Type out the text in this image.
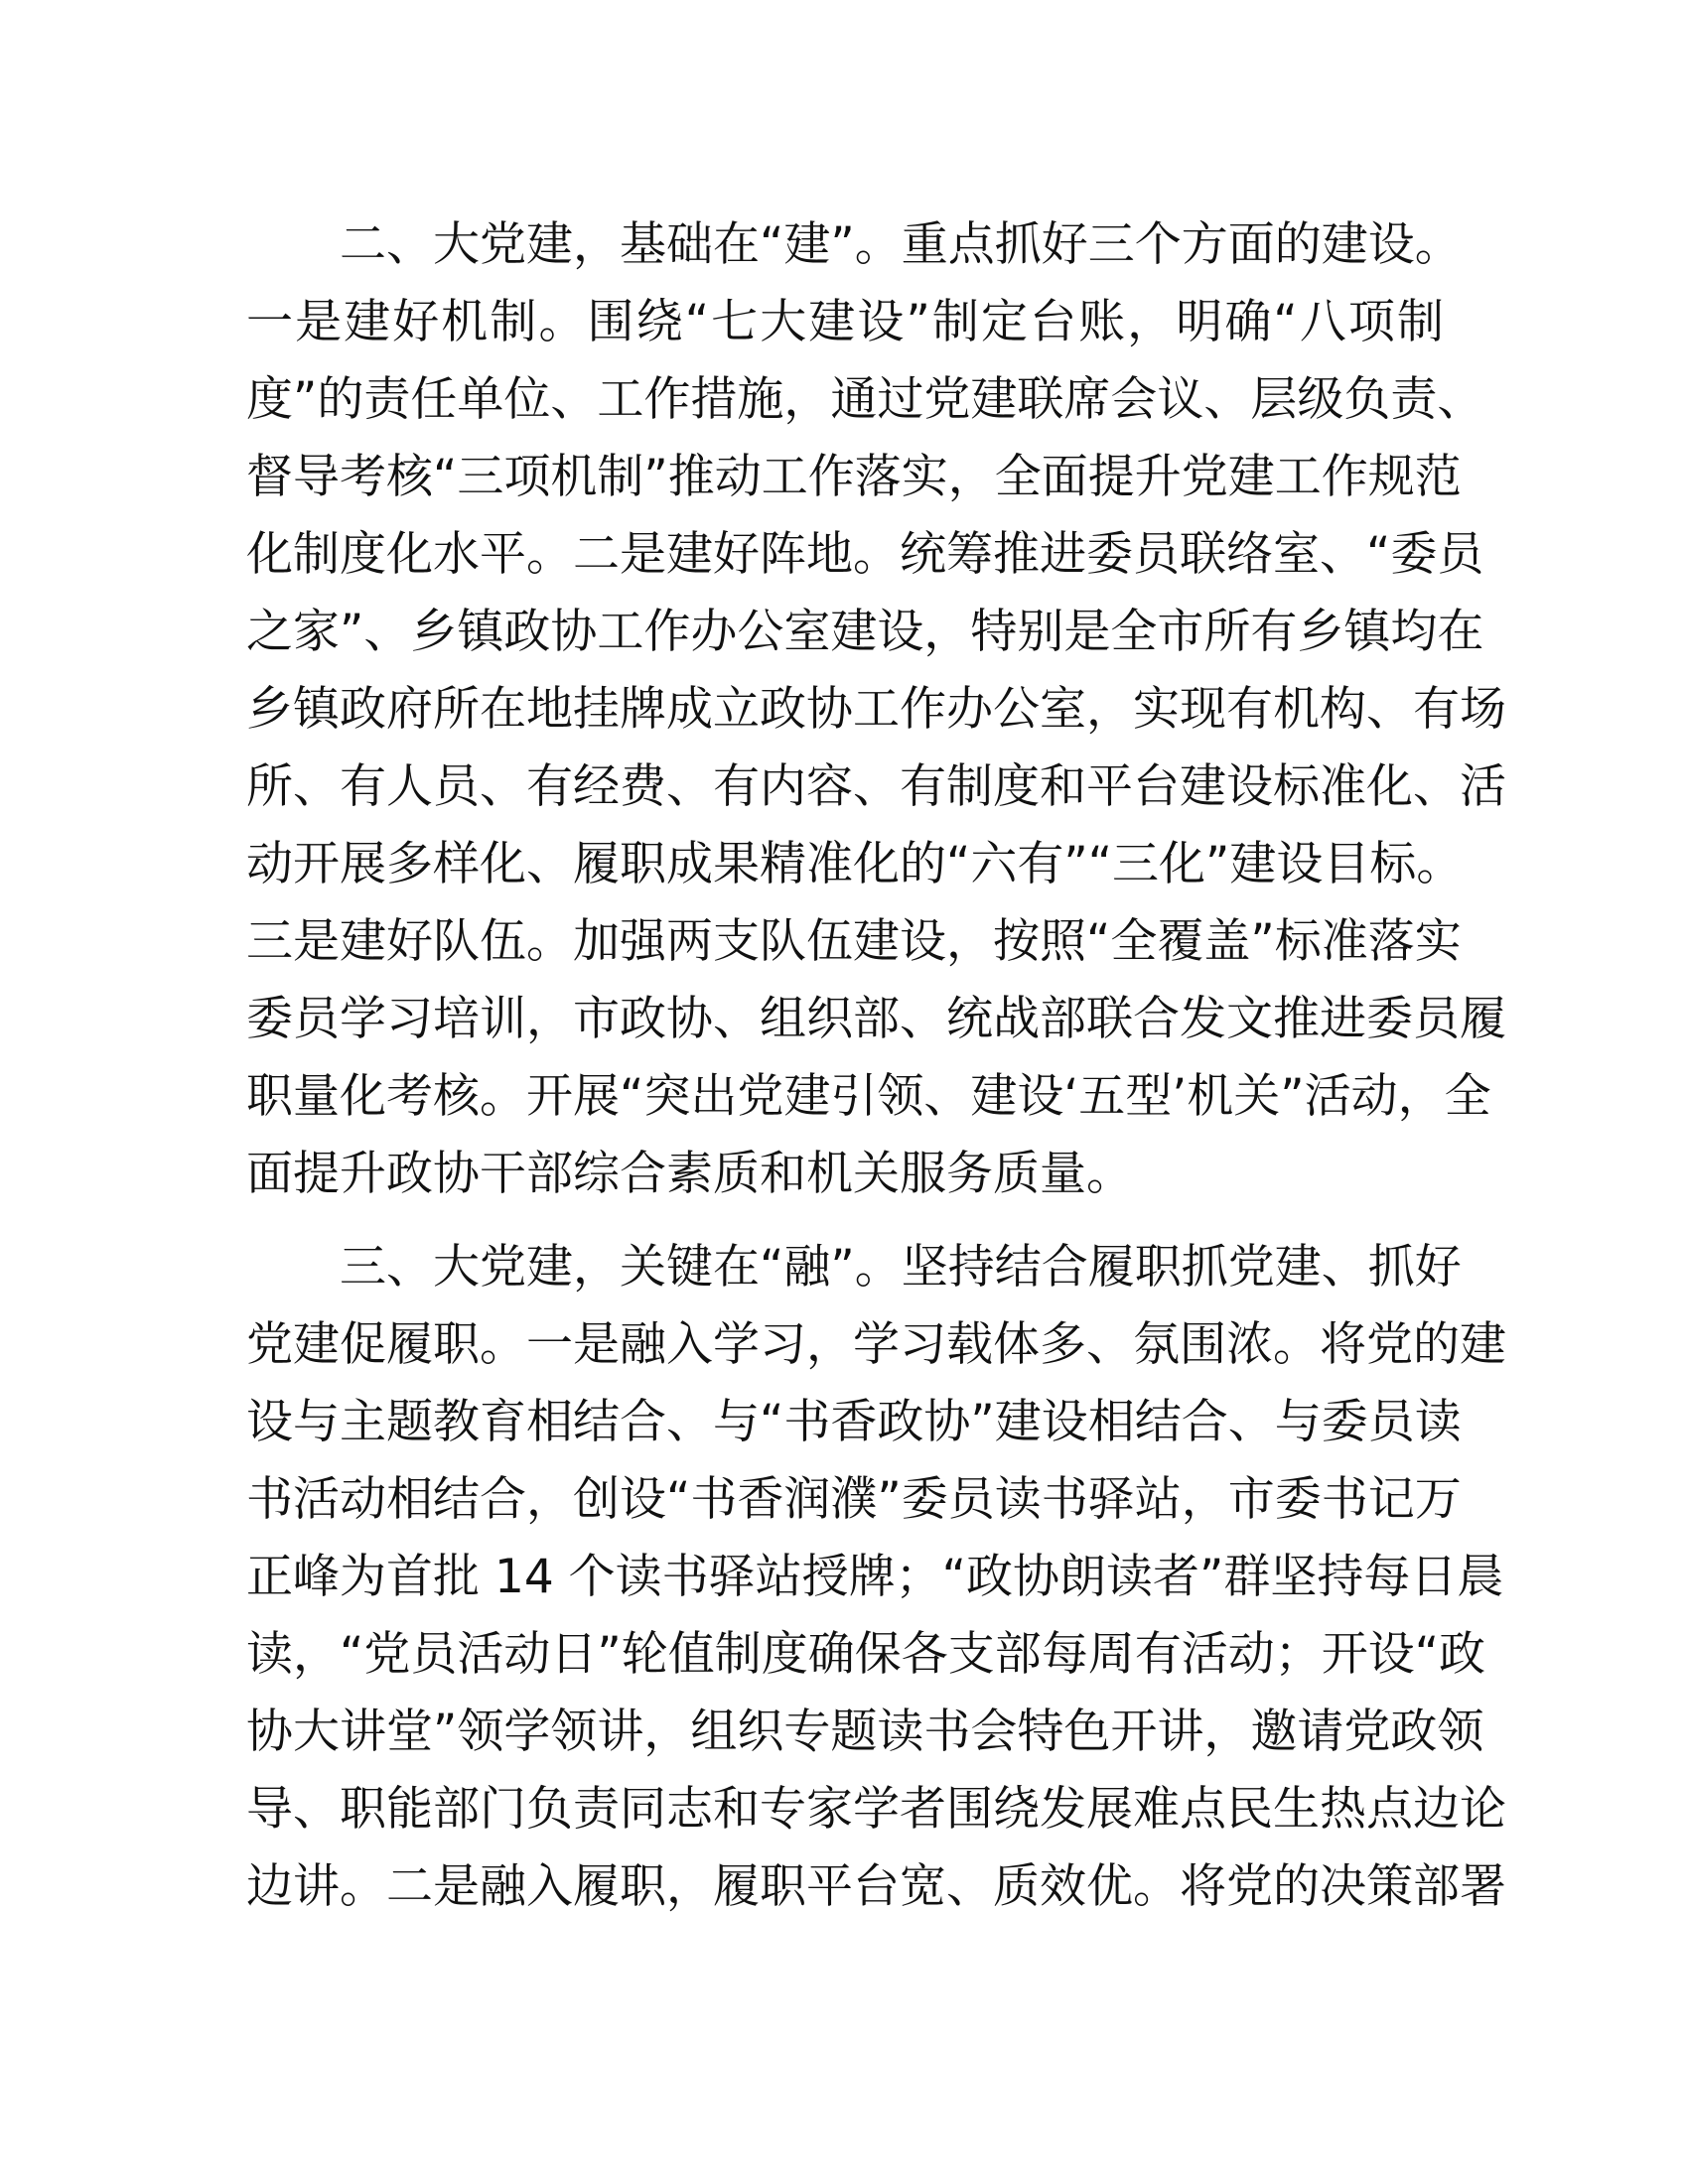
二、大党建，基础在“建”。重点抓好三个方面的建设。
一是建好机制。围绕“七大建设”制定台账，明确“八项制
度”的责任单位、工作措施，通过党建联席会议、层级负责、
督导考核“三项机制”推动工作落实，全面提升党建工作规范
化制度化水平。二是建好阵地。统筹推进委员联络室、“委员
之家”、乡镇政协工作办公室建设，特别是全市所有乡镇均在
乡镇政府所在地挂牌成立政协工作办公室，实现有机构、有场
所、有人员、有经费、有内容、有制度和平台建设标准化、活
动开展多样化、履职成果精准化的“六有”“三化”建设目标。
三是建好队伍。加强两支队伍建设，按照“全覆盖”标准落实
委员学习培训，市政协、组织部、统战部联合发文推进委员履
职量化考核。开展“突出党建引领、建设‘五型’机关”活动，全
面提升政协干部综合素质和机关服务质量。

三、大党建，关键在“融”。坚持结合履职抓党建、抓好
党建促履职。一是融入学习，学习载体多、氛围浓。将党的建
设与主题教育相结合、与“书香政协”建设相结合、与委员读
书活动相结合，创设“书香润濮”委员读书驿站，市委书记万
正峰为首批 14 个读书驿站授牌；“政协朗读者”群坚持每日晨
读，“党员活动日”轮值制度确保各支部每周有活动；开设“政
协大讲堂”领学领讲，组织专题读书会特色开讲，邀请党政领
导、职能部门负责同志和专家学者围绕发展难点民生热点边论
边讲。二是融入履职，履职平台宽、质效优。将党的决策部署
